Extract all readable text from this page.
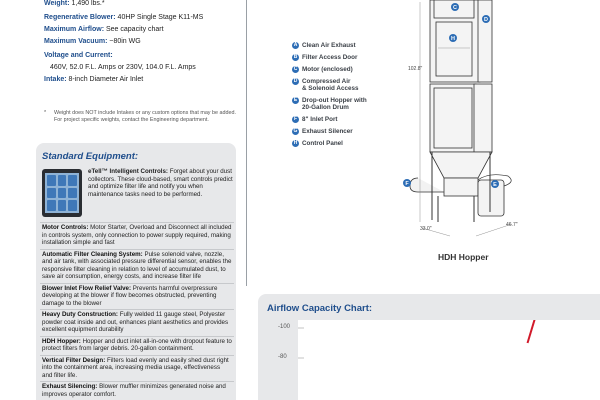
Weight: 1,490 lbs.*
Regenerative Blower: 40HP Single Stage K11-MS
Maximum Airflow: See capacity chart
Maximum Vacuum: ~80in WG
Voltage and Current:
460V, 52.0 F.L. Amps or 230V, 104.0 F.L. Amps
Intake: 8-inch Diameter Air Inlet
*	Weight does NOT include Intakes or any custom options that may be added. For project specific weights, contact the Engineering department.
Standard Equipment:
eTell™ Intelligent Controls: Forget about your dust collectors. These cloud-based, smart controls predict and optimize filter life and notify you when maintenance tasks need to be performed.
Motor Controls: Motor Starter, Overload and Disconnect all included in controls system, only connection to power supply required, making installation simple and fast
Automatic Filter Cleaning System: Pulse solenoid valve, nozzle, and air tank, with associated pressure differential sensor, enables the responsive filter cleaning in relation to level of accumulated dust, to save air consumption, energy costs, and increase filter life
Blower Inlet Flow Relief Valve: Prevents harmful overpressure developing at the blower if flow becomes obstructed, preventing damage to the blower
Heavy Duty Construction: Fully welded 11 gauge steel, Polyester powder coat inside and out, enhances plant aesthetics and provides excellent equipment durability
HDH Hopper: Hopper and duct inlet all-in-one with dropout feature to protect filters from larger debris. 20-gallon containment.
Vertical Filter Design: Filters load evenly and easily shed dust right into the containment area, increasing media usage, effectiveness and filter life.
Exhaust Silencing: Blower muffler minimizes generated noise and improves operator comfort.
102.8"
33.0"
46.7"
C
D
H
F	E
A Clean Air Exhaust
B Filter Access Door
C Motor (enclosed)
D Compressed Air
& Solenoid Access
E Drop-out Hopper with
20-Gallon Drum
F 8" Inlet Port
G Exhaust Silencer
H Control Panel
HDH Hopper
Airflow Capacity Chart:
-100
-80
